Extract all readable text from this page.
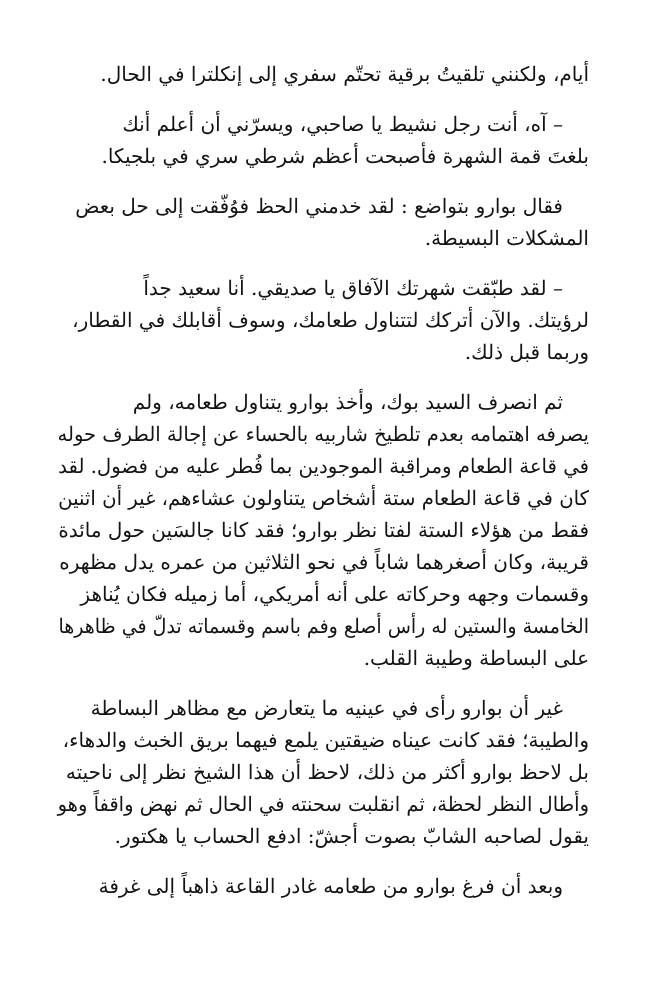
أيام، ولكنني تلقيتُ برقية تحتّم سفري إلى إنكلترا في الحال.

– آه، أنت رجل نشيط يا صاحبي، ويسرّني أن أعلم أنك
بلغتَ قمة الشهرة فأصبحت أعظم شرطي سري في بلجيكا.

فقال بوارو بتواضع : لقد خدمني الحظ فوُفّقت إلى حل بعض
المشكلات البسيطة.

– لقد طبّقت شهرتك الآفاق يا صديقي. أنا سعيد جداً
لرؤيتك. والآن أتركك لتتناول طعامك، وسوف أقابلك في القطار،
وربما قبل ذلك.

ثم انصرف السيد بوك، وأخذ بوارو يتناول طعامه، ولم
يصرفه اهتمامه بعدم تلطيخ شاربيه بالحساء عن إجالة الطرف حوله
في قاعة الطعام ومراقبة الموجودين بما فُطر عليه من فضول. لقد
كان في قاعة الطعام ستة أشخاص يتناولون عشاءهم، غير أن اثنين
فقط من هؤلاء الستة لفتا نظر بوارو؛ فقد كانا جالسَين حول مائدة
قريبة، وكان أصغرهما شاباً في نحو الثلاثين من عمره يدل مظهره
وقسمات وجهه وحركاته على أنه أمريكي، أما زميله فكان يُناهز
الخامسة والستين له رأس أصلع وفم باسم وقسماته تدلّ في ظاهرها
على البساطة وطيبة القلب.

غير أن بوارو رأى في عينيه ما يتعارض مع مظاهر البساطة
والطيبة؛ فقد كانت عيناه ضيقتين يلمع فيهما بريق الخبث والدهاء،
بل لاحظ بوارو أكثر من ذلك، لاحظ أن هذا الشيخ نظر إلى ناحيته
وأطال النظر لحظة، ثم انقلبت سحنته في الحال ثم نهض واقفاً وهو
يقول لصاحبه الشابّ بصوت أجشّ: ادفع الحساب يا هكتور.

وبعد أن فرغ بوارو من طعامه غادر القاعة ذاهباً إلى غرفة
